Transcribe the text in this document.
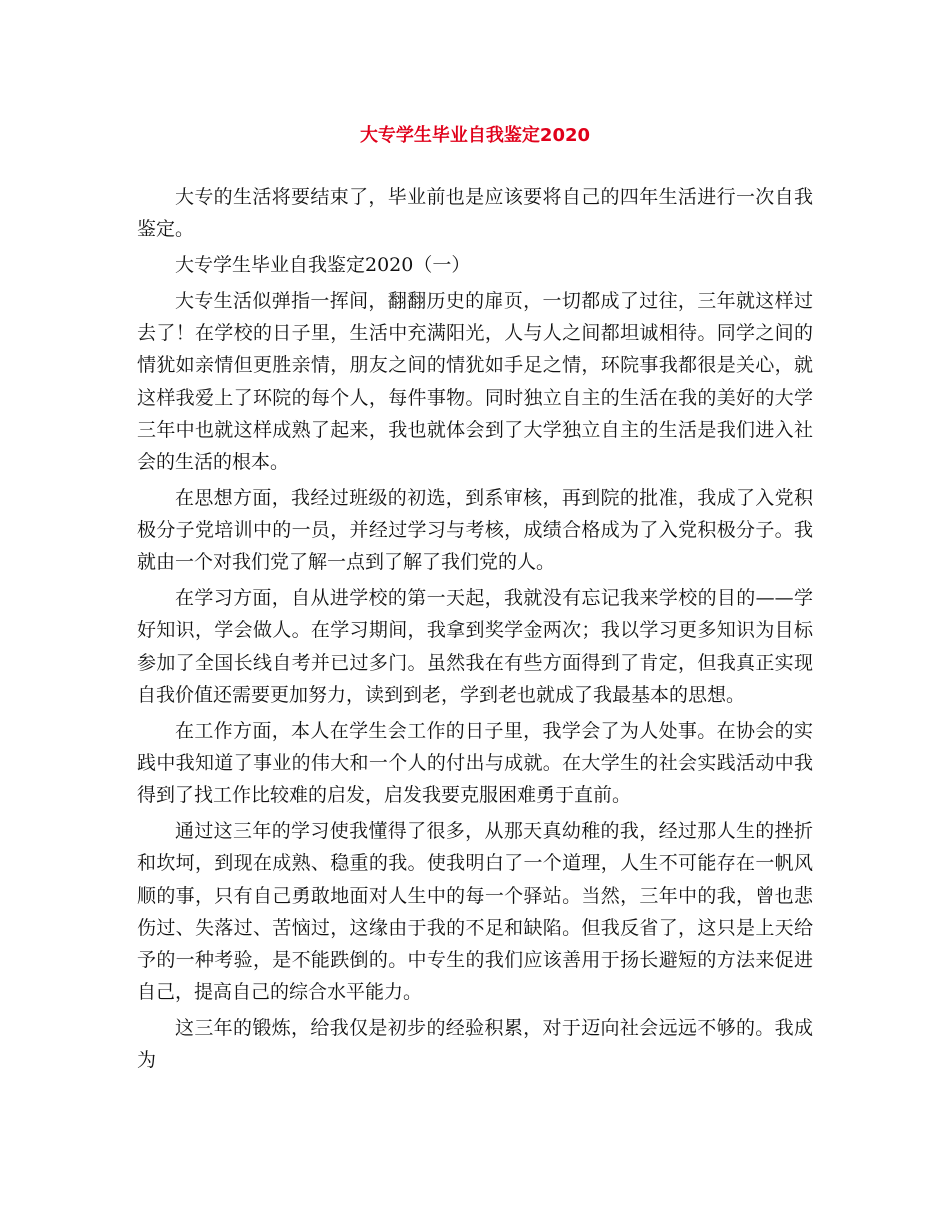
大专学生毕业自我鉴定2020

大专的生活将要结束了，毕业前也是应该要将自己的四年生活进行一次自我鉴定。

大专学生毕业自我鉴定2020（一）

大专生活似弹指一挥间，翻翻历史的扉页，一切都成了过往，三年就这样过去了！在学校的日子里，生活中充满阳光，人与人之间都坦诚相待。同学之间的情犹如亲情但更胜亲情，朋友之间的情犹如手足之情，环院事我都很是关心，就这样我爱上了环院的每个人，每件事物。同时独立自主的生活在我的美好的大学三年中也就这样成熟了起来，我也就体会到了大学独立自主的生活是我们进入社会的生活的根本。

在思想方面，我经过班级的初选，到系审核，再到院的批准，我成了入党积极分子党培训中的一员，并经过学习与考核，成绩合格成为了入党积极分子。我就由一个对我们党了解一点到了解了我们党的人。

在学习方面，自从进学校的第一天起，我就没有忘记我来学校的目的——学好知识，学会做人。在学习期间，我拿到奖学金两次；我以学习更多知识为目标参加了全国长线自考并已过多门。虽然我在有些方面得到了肯定，但我真正实现自我价值还需要更加努力，读到到老，学到老也就成了我最基本的思想。

在工作方面，本人在学生会工作的日子里，我学会了为人处事。在协会的实践中我知道了事业的伟大和一个人的付出与成就。在大学生的社会实践活动中我得到了找工作比较难的启发，启发我要克服困难勇于直前。

通过这三年的学习使我懂得了很多，从那天真幼稚的我，经过那人生的挫折和坎坷，到现在成熟、稳重的我。使我明白了一个道理，人生不可能存在一帆风顺的事，只有自己勇敢地面对人生中的每一个驿站。当然，三年中的我，曾也悲伤过、失落过、苦恼过，这缘由于我的不足和缺陷。但我反省了，这只是上天给予的一种考验，是不能跌倒的。中专生的我们应该善用于扬长避短的方法来促进自己，提高自己的综合水平能力。

这三年的锻炼，给我仅是初步的经验积累，对于迈向社会远远不够的。我成为
